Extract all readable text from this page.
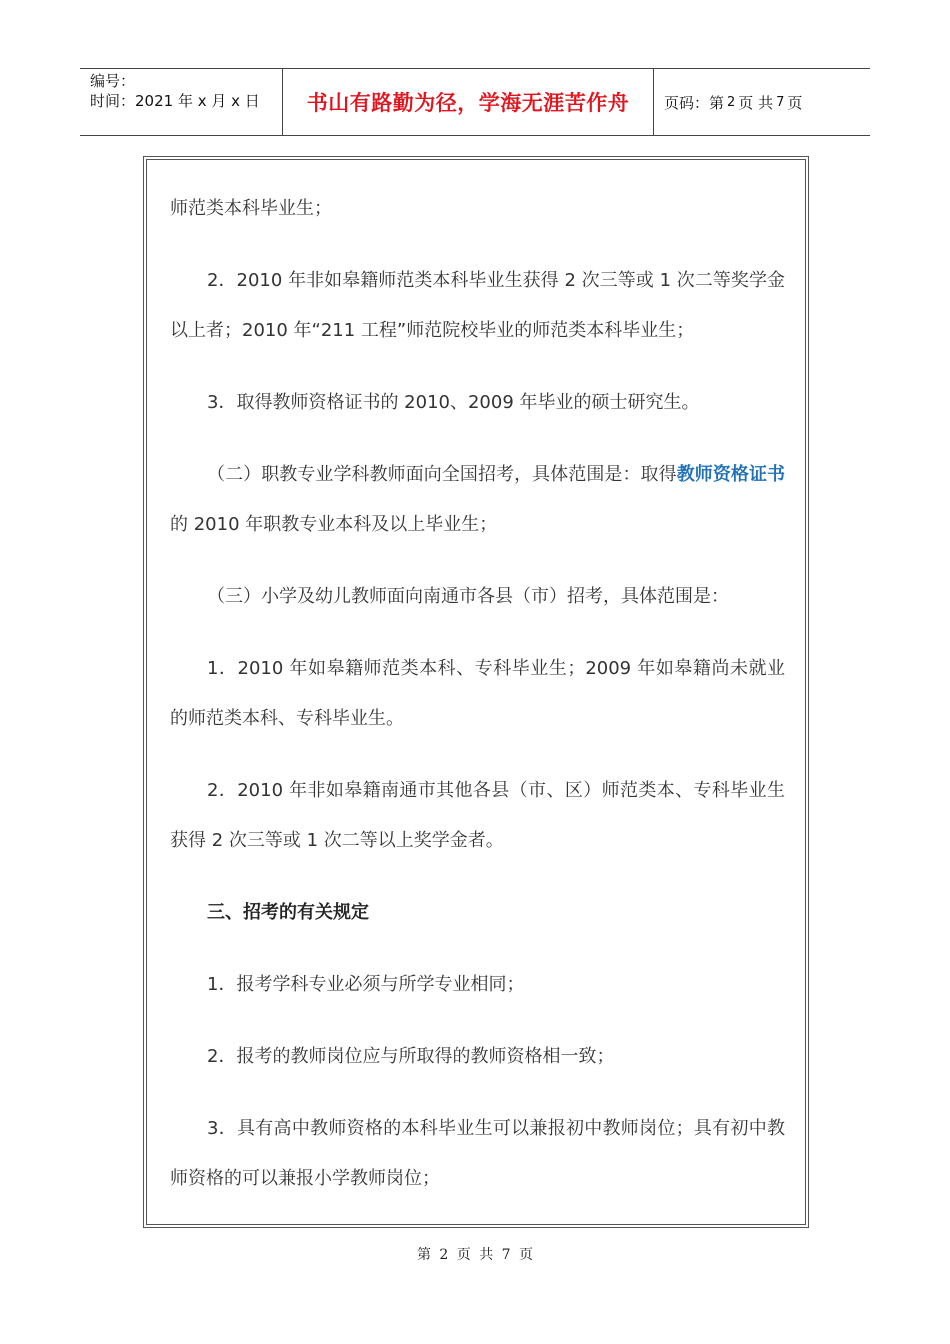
编号：
时间：2021 年 x 月 x 日	书山有路勤为径，学海无涯苦作舟	页码：第 2 页 共 7 页

师范类本科毕业生；

2．2010 年非如皋籍师范类本科毕业生获得 2 次三等或 1 次二等奖学金以上者；2010 年“211 工程”师范院校毕业的师范类本科毕业生；

3．取得教师资格证书的 2010、2009 年毕业的硕士研究生。

（二）职教专业学科教师面向全国招考，具体范围是：取得教师资格证书的 2010 年职教专业本科及以上毕业生；

（三）小学及幼儿教师面向南通市各县（市）招考，具体范围是：

1．2010 年如皋籍师范类本科、专科毕业生；2009 年如皋籍尚未就业的师范类本科、专科毕业生。

2．2010 年非如皋籍南通市其他各县（市、区）师范类本、专科毕业生获得 2 次三等或 1 次二等以上奖学金者。

三、招考的有关规定

1．报考学科专业必须与所学专业相同；

2．报考的教师岗位应与所取得的教师资格相一致；

3．具有高中教师资格的本科毕业生可以兼报初中教师岗位；具有初中教师资格的可以兼报小学教师岗位；

第 2 页 共 7 页
